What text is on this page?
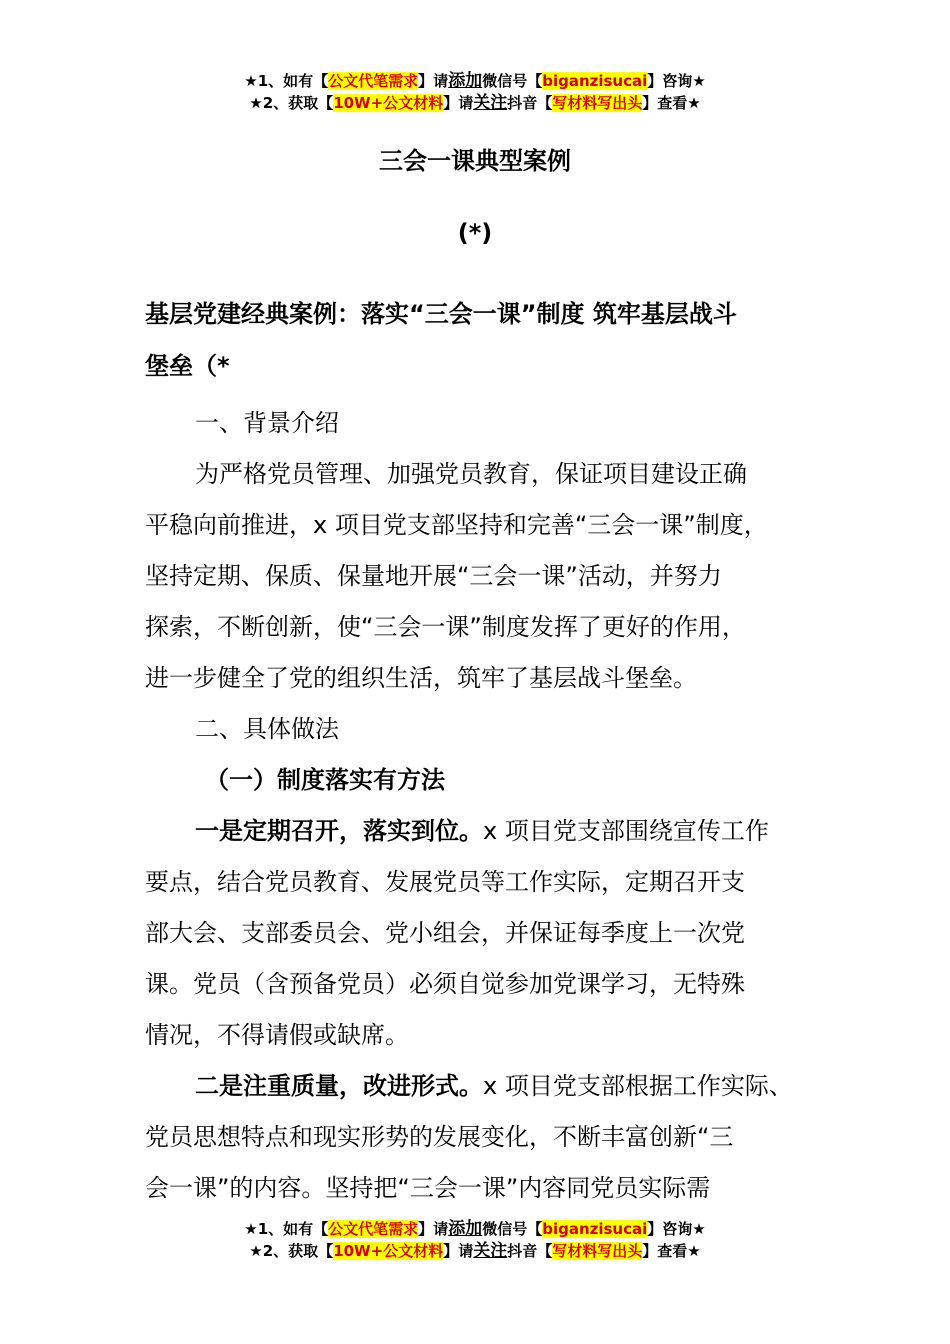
★1、如有【公文代笔需求】请添加微信号【biganzisucai】咨询★
★2、获取【10W+公文材料】请关注抖音【写材料写出头】查看★
三会一课典型案例
(*)
基层党建经典案例：落实“三会一课”制度 筑牢基层战斗
堡垒（*

一、背景介绍

为严格党员管理、加强党员教育，保证项目建设正确

平稳向前推进，x 项目党支部坚持和完善“三会一课”制度，

坚持定期、保质、保量地开展“三会一课”活动，并努力

探索，不断创新，使“三会一课”制度发挥了更好的作用，

进一步健全了党的组织生活，筑牢了基层战斗堡垒。

二、具体做法

（一）制度落实有方法

一是定期召开，落实到位。x 项目党支部围绕宣传工作

要点，结合党员教育、发展党员等工作实际，定期召开支

部大会、支部委员会、党小组会，并保证每季度上一次党

课。党员（含预备党员）必须自觉参加党课学习，无特殊

情况，不得请假或缺席。

二是注重质量，改进形式。x 项目党支部根据工作实际、

党员思想特点和现实形势的发展变化，不断丰富创新“三

会一课”的内容。坚持把“三会一课”内容同党员实际需

★1、如有【公文代笔需求】请添加微信号【biganzisucai】咨询★
★2、获取【10W+公文材料】请关注抖音【写材料写出头】查看★
